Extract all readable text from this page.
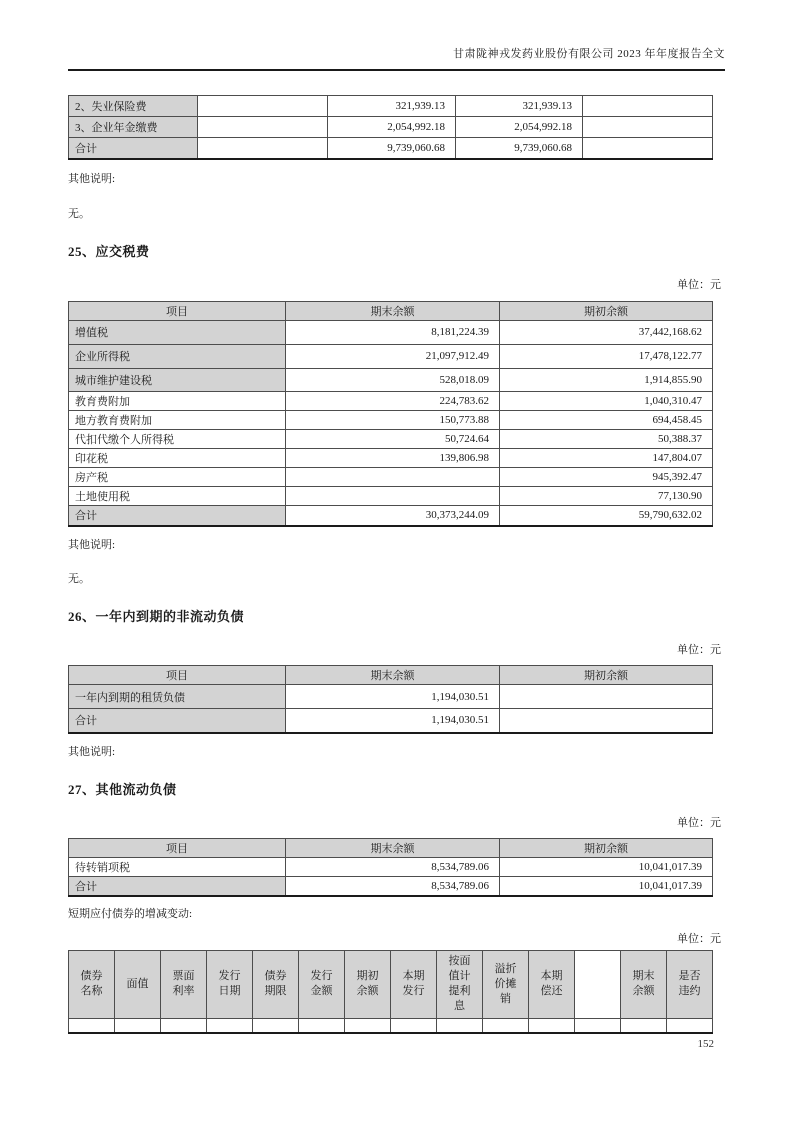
甘肃陇神戎发药业股份有限公司 2023 年年度报告全文
2、失业保险费		321,939.13	321,939.13	
3、企业年金缴费		2,054,992.18	2,054,992.18	
合计		9,739,060.68	9,739,060.68	

其他说明:

无。

25、应交税费
单位：元
项目	期末余额	期初余额
增值税	8,181,224.39	37,442,168.62
企业所得税	21,097,912.49	17,478,122.77
城市维护建设税	528,018.09	1,914,855.90
教育费附加	224,783.62	1,040,310.47
地方教育费附加	150,773.88	694,458.45
代扣代缴个人所得税	50,724.64	50,388.37
印花税	139,806.98	147,804.07
房产税		945,392.47
土地使用税		77,130.90
合计	30,373,244.09	59,790,632.02

其他说明:

无。

26、一年内到期的非流动负债
单位：元
项目	期末余额	期初余额
一年内到期的租赁负债	1,194,030.51	
合计	1,194,030.51	

其他说明:

27、其他流动负债
单位：元
项目	期末余额	期初余额
待转销项税	8,534,789.06	10,041,017.39
合计	8,534,789.06	10,041,017.39

短期应付债券的增减变动:

单位：元
债券名称	面值	票面利率	发行日期	债券期限	发行金额	期初余额	本期发行	按面值计提利息	溢折价摊销	本期偿还		期末余额	是否违约

152
